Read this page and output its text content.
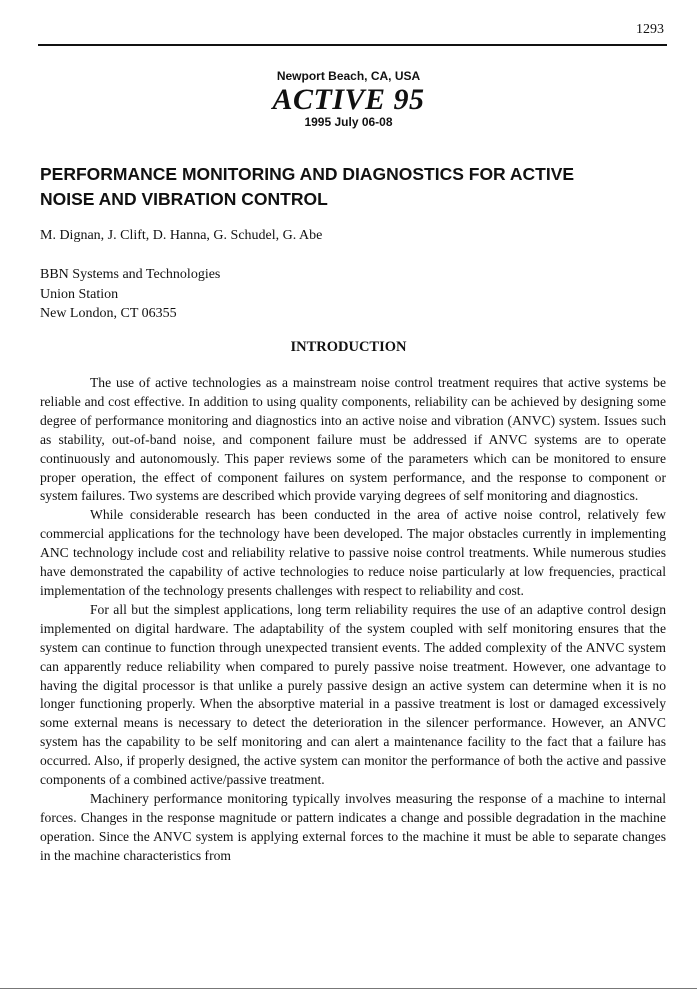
1293
Newport Beach, CA, USA
ACTIVE 95
1995 July 06-08
PERFORMANCE MONITORING AND DIAGNOSTICS FOR ACTIVE
NOISE AND VIBRATION CONTROL
M. Dignan, J. Clift, D. Hanna, G. Schudel, G. Abe
BBN Systems and Technologies
Union Station
New London, CT 06355
INTRODUCTION

The use of active technologies as a mainstream noise control treatment requires that active systems be reliable and cost effective. In addition to using quality components, reliability can be achieved by designing some degree of performance monitoring and diagnostics into an active noise and vibration (ANVC) system. Issues such as stability, out-of-band noise, and component failure must be addressed if ANVC systems are to operate continuously and autonomously. This paper reviews some of the parameters which can be monitored to ensure proper operation, the effect of component failures on system performance, and the response to component or system failures. Two systems are described which provide varying degrees of self monitoring and diagnostics.

While considerable research has been conducted in the area of active noise control, relatively few commercial applications for the technology have been developed. The major obstacles currently in implementing ANC technology include cost and reliability relative to passive noise control treatments. While numerous studies have demonstrated the capability of active technologies to reduce noise particularly at low frequencies, practical implementation of the technology presents challenges with respect to reliability and cost.

For all but the simplest applications, long term reliability requires the use of an adaptive control design implemented on digital hardware. The adaptability of the system coupled with self monitoring ensures that the system can continue to function through unexpected transient events. The added complexity of the ANVC system can apparently reduce reliability when compared to purely passive noise treatment. However, one advantage to having the digital processor is that unlike a purely passive design an active system can determine when it is no longer functioning properly. When the absorptive material in a passive treatment is lost or damaged excessively some external means is necessary to detect the deterioration in the silencer performance. However, an ANVC system has the capability to be self monitoring and can alert a maintenance facility to the fact that a failure has occurred. Also, if properly designed, the active system can monitor the performance of both the active and passive components of a combined active/passive treatment.

Machinery performance monitoring typically involves measuring the response of a machine to internal forces. Changes in the response magnitude or pattern indicates a change and possible degradation in the machine operation. Since the ANVC system is applying external forces to the machine it must be able to separate changes in the machine characteristics from
